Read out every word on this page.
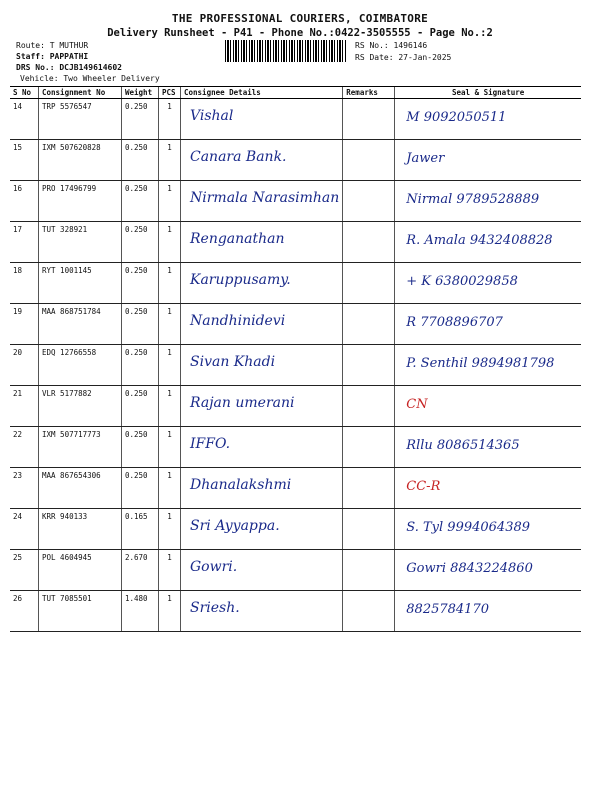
THE PROFESSIONAL COURIERS, COIMBATORE
Delivery Runsheet - P41 - Phone No.:0422-3505555 - Page No.:2
Route: T MUTHUR
Staff: PAPPATHI
DRS No.: DCJB149614602
Vehicle: Two Wheeler Delivery
RS No.: 1496146
RS Date: 27-Jan-2025
S No	Consignment No	Weight	PCS	Consignee Details	Remarks	Seal & Signature
14	TRP 5576547	0.250	1	Vishal		M 9092050511

15	IXM 507620828	0.250	1	Canara Bank.		Jawer

16	PRO 17496799	0.250	1	Nirmala Narasimhan		Nirmal 9789528889

17	TUT 328921	0.250	1	Renganathan		R. Amala 9432408828

18	RYT 1001145	0.250	1	Karuppusamy.		+ K 6380029858

19	MAA 868751784	0.250	1	Nandhinidevi		R 7708896707

20	EDQ 12766558	0.250	1	Sivan Khadi		P. Senthil 9894981798

21	VLR 5177882	0.250	1	Rajan umerani		CN

22	IXM 507717773	0.250	1	IFFO.		Rllu 8086514365

23	MAA 867654306	0.250	1	Dhanalakshmi		CC-R

24	KRR 940133	0.165	1	Sri Ayyappa.		S. Tyl 9994064389

25	POL 4604945	2.670	1	Gowri.		Gowri 8843224860

26	TUT 7085501	1.480	1	Sriesh.		8825784170
